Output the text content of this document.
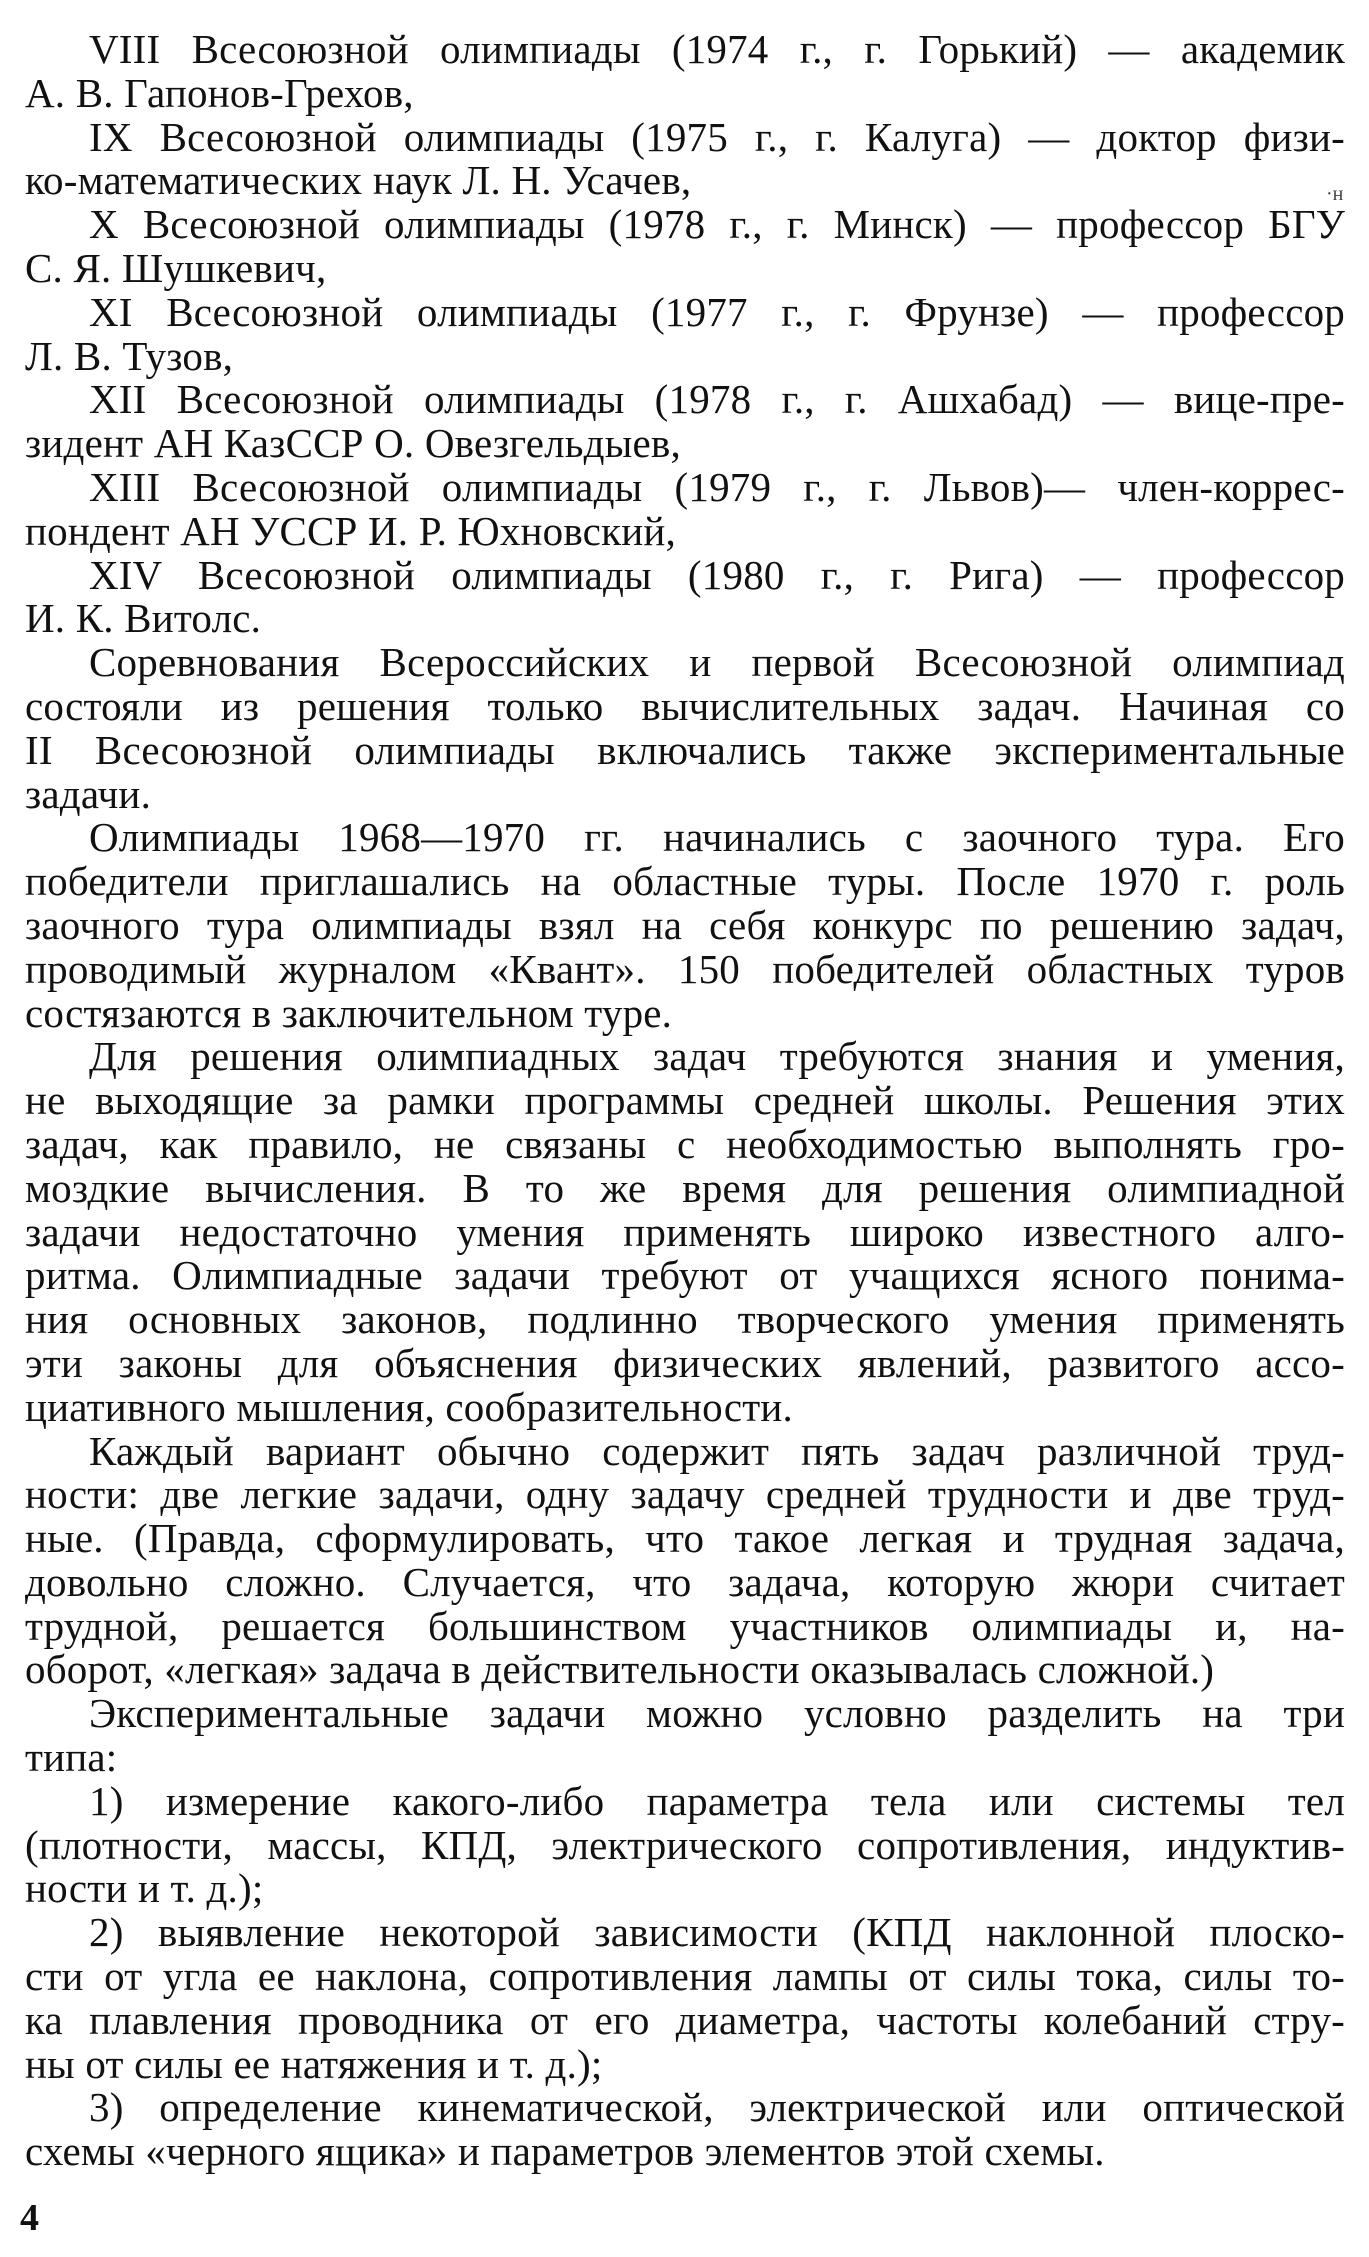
VIII Всесоюзной олимпиады (1974 г., г. Горький) — академик
А. В. Гапонов-Грехов,
IX Всесоюзной олимпиады (1975 г., г. Калуга) — доктор физи-
ко-математических наук Л. Н. Усачев,
X Всесоюзной олимпиады (1978 г., г. Минск) — профессор БГУ
С. Я. Шушкевич,
XI Всесоюзной олимпиады (1977 г., г. Фрунзе) — профессор
Л. В. Тузов,
XII Всесоюзной олимпиады (1978 г., г. Ашхабад) — вице-пре-
зидент АН КазССР О. Овезгельдыев,
XIII Всесоюзной олимпиады (1979 г., г. Львов)— член-коррес-
пондент АН УССР И. Р. Юхновский,
XIV Всесоюзной олимпиады (1980 г., г. Рига) — профессор
И. К. Витолс.
Соревнования Всероссийских и первой Всесоюзной олимпиад
состояли из решения только вычислительных задач. Начиная со
II Всесоюзной олимпиады включались также экспериментальные
задачи.
Олимпиады 1968—1970 гг. начинались с заочного тура. Его
победители приглашались на областные туры. После 1970 г. роль
заочного тура олимпиады взял на себя конкурс по решению задач,
проводимый журналом «Квант». 150 победителей областных туров
состязаются в заключительном туре.
Для решения олимпиадных задач требуются знания и умения,
не выходящие за рамки программы средней школы. Решения этих
задач, как правило, не связаны с необходимостью выполнять гро-
моздкие вычисления. В то же время для решения олимпиадной
задачи недостаточно умения применять широко известного алго-
ритма. Олимпиадные задачи требуют от учащихся ясного понима-
ния основных законов, подлинно творческого умения применять
эти законы для объяснения физических явлений, развитого ассо-
циативного мышления, сообразительности.
Каждый вариант обычно содержит пять задач различной труд-
ности: две легкие задачи, одну задачу средней трудности и две труд-
ные. (Правда, сформулировать, что такое легкая и трудная задача,
довольно сложно. Случается, что задача, которую жюри считает
трудной, решается большинством участников олимпиады и, на-
оборот, «легкая» задача в действительности оказывалась сложной.)
Экспериментальные задачи можно условно разделить на три
типа:
1) измерение какого-либо параметра тела или системы тел
(плотности, массы, КПД, электрического сопротивления, индуктив-
ности и т. д.);
2) выявление некоторой зависимости (КПД наклонной плоско-
сти от угла ее наклона, сопротивления лампы от силы тока, силы то-
ка плавления проводника от его диаметра, частоты колебаний стру-
ны от силы ее натяжения и т. д.);
3) определение кинематической, электрической или оптической
схемы «черного ящика» и параметров элементов этой схемы.
·н
4
